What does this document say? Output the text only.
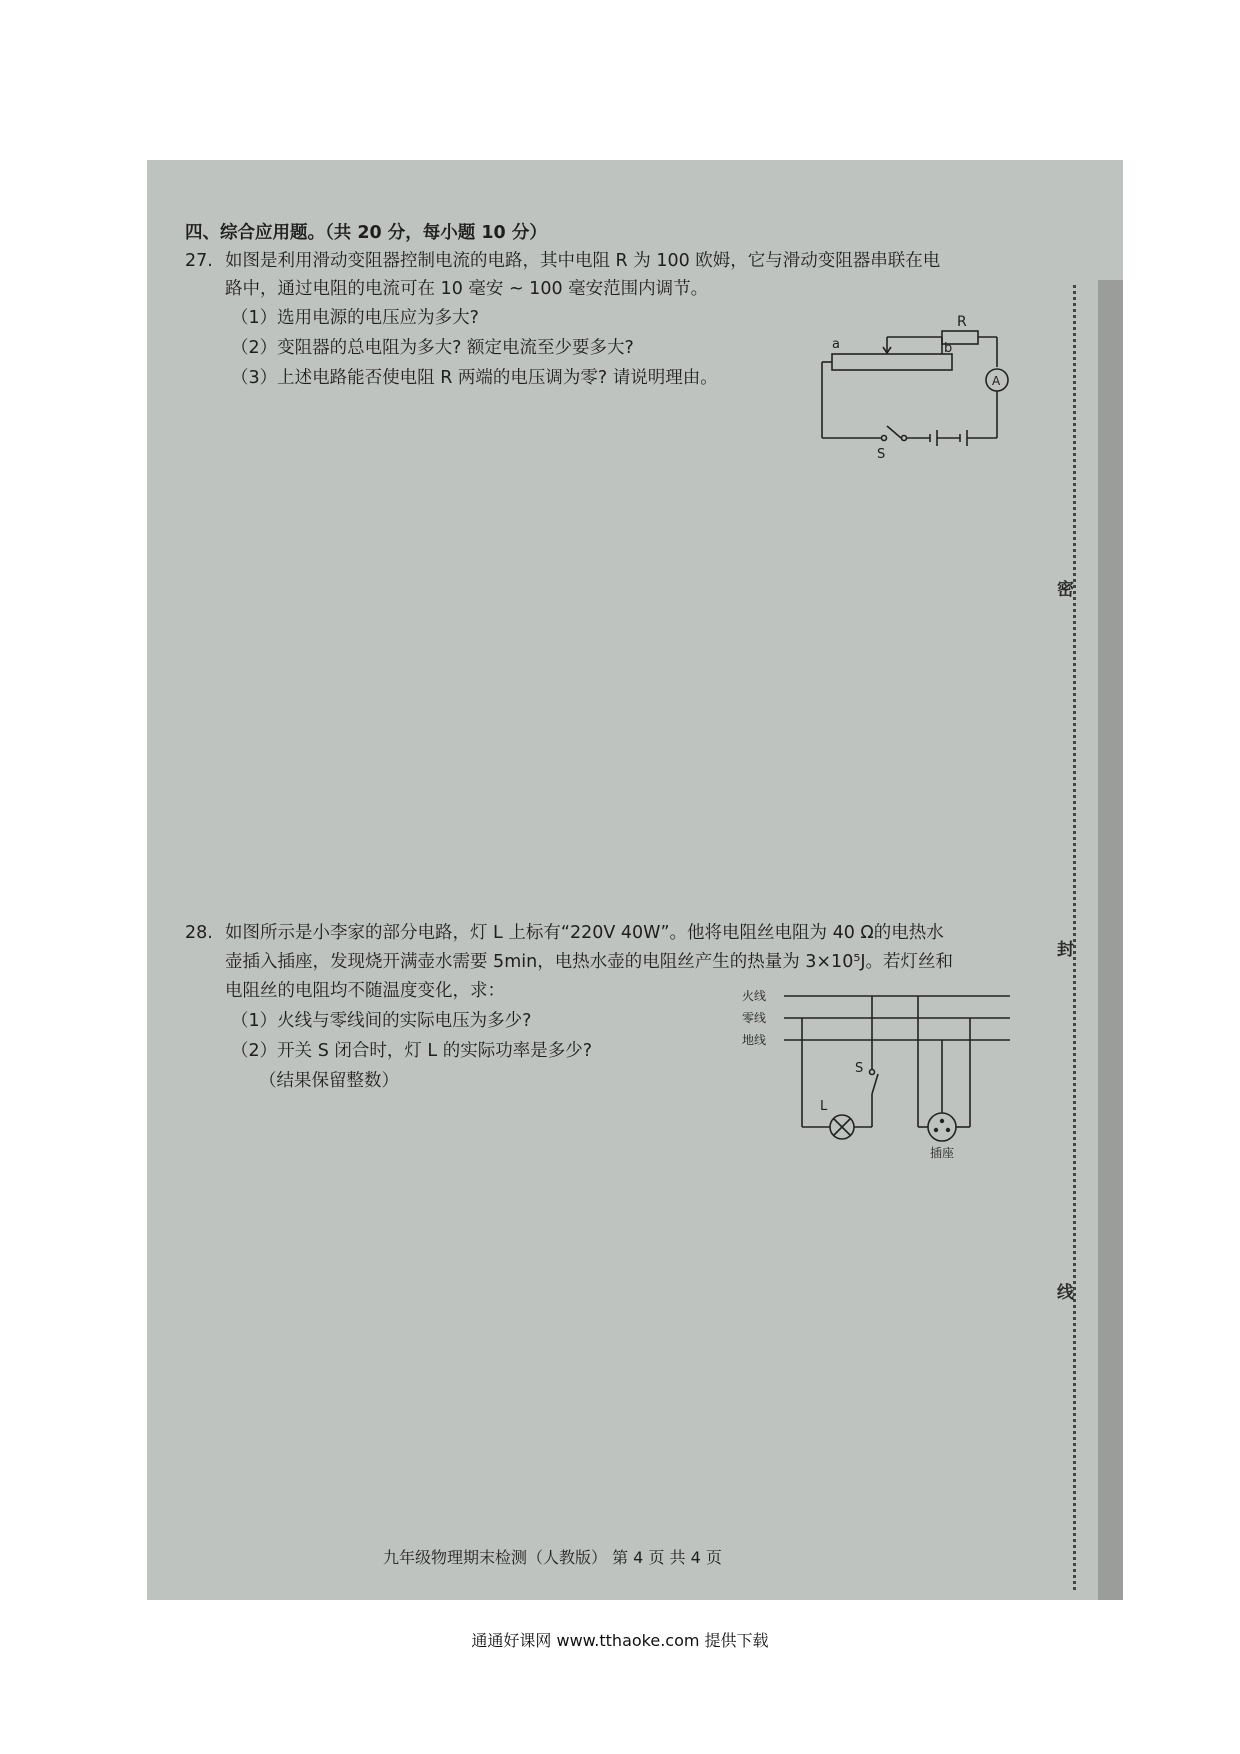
四、综合应用题。（共 20 分，每小题 10 分）
27. 如图是利用滑动变阻器控制电流的电路，其中电阻 R 为 100 欧姆，它与滑动变阻器串联在电
路中，通过电阻的电流可在 10 毫安 ~ 100 毫安范围内调节。
（1）选用电源的电压应为多大?
（2）变阻器的总电阻为多大? 额定电流至少要多大?
（3）上述电路能否使电阻 R 两端的电压调为零? 请说明理由。
R
a	b
A
S
28. 如图所示是小李家的部分电路，灯 L 上标有“220V 40W”。他将电阻丝电阻为 40 Ω的电热水
壶插入插座，发现烧开满壶水需要 5min，电热水壶的电阻丝产生的热量为 3×10⁵J。若灯丝和
电阻丝的电阻均不随温度变化，求：
（1）火线与零线间的实际电压为多少?
（2）开关 S 闭合时，灯 L 的实际功率是多少?
（结果保留整数）
火线
零线
地线
S
L
插座
九年级物理期末检测（人教版） 第 4 页 共 4 页
密
封
线
通通好课网 www.tthaoke.com 提供下载
